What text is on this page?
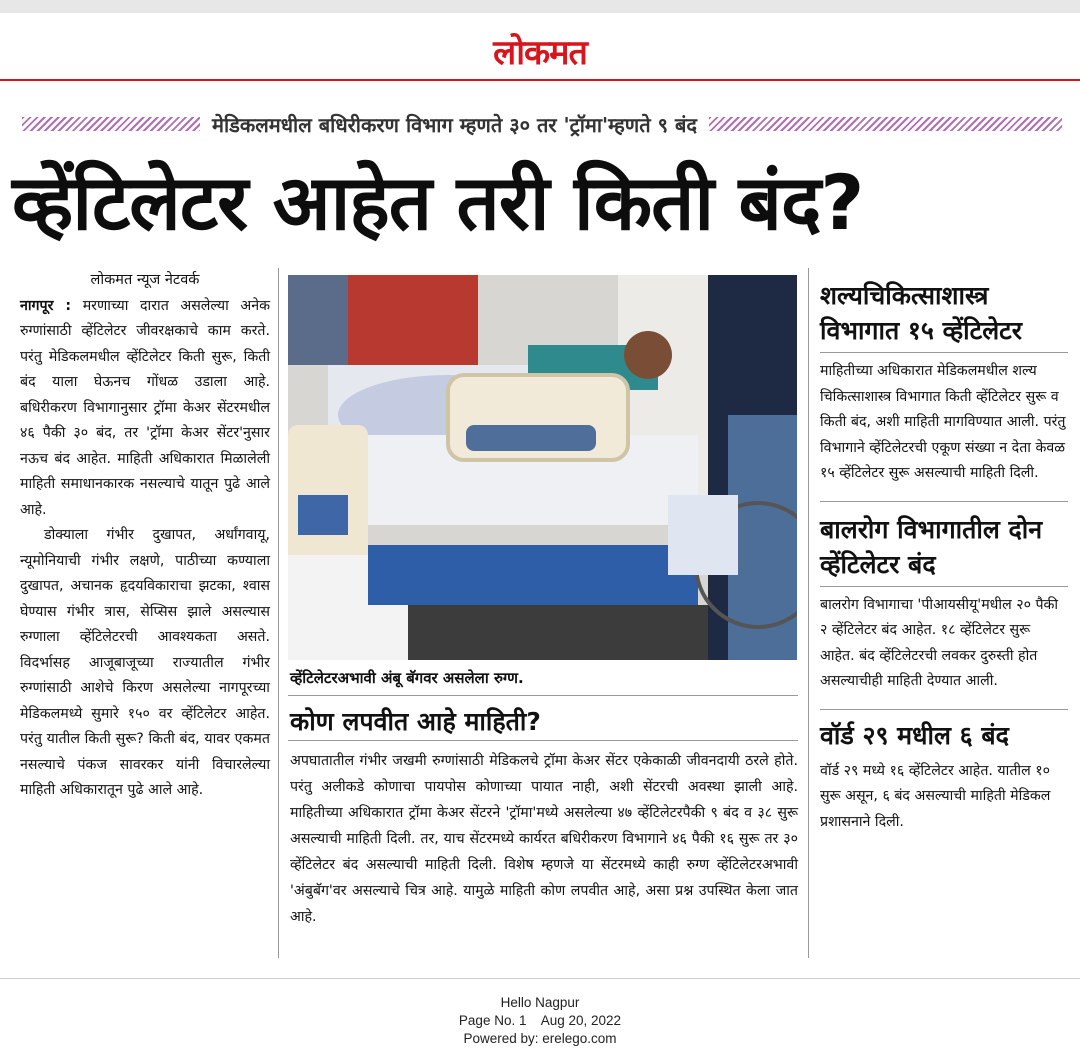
लोकमत
मेडिकलमधील बधिरीकरण विभाग म्हणते ३० तर 'ट्रॉमा'म्हणते ९ बंद
व्हेंटिलेटर आहेत तरी किती बंद?
लोकमत न्यूज नेटवर्क

नागपूर : मरणाच्या दारात असलेल्या अनेक रुग्णांसाठी व्हेंटिलेटर जीवरक्षकाचे काम करते. परंतु मेडिकलमधील व्हेंटिलेटर किती सुरू, किती बंद याला घेऊनच गोंधळ उडाला आहे. बधिरीकरण विभागानुसार ट्रॉमा केअर सेंटरमधील ४६ पैकी ३० बंद, तर 'ट्रॉमा केअर सेंटर'नुसार नऊच बंद आहेत. माहिती अधिकारात मिळालेली माहिती समाधानकारक नसल्याचे यातून पुढे आले आहे.

डोक्याला गंभीर दुखापत, अर्धांगवायू, न्यूमोनियाची गंभीर लक्षणे, पाठीच्या कण्याला दुखापत, अचानक हृदयविकाराचा झटका, श्वास घेण्यास गंभीर त्रास, सेप्सिस झाले असल्यास रुग्णाला व्हेंटिलेटरची आवश्यकता असते. विदर्भासह आजूबाजूच्या राज्यातील गंभीर रुग्णांसाठी आशेचे किरण असलेल्या नागपूरच्या मेडिकलमध्ये सुमारे १५० वर व्हेंटिलेटर आहेत. परंतु यातील किती सुरू? किती बंद, यावर एकमत नसल्याचे पंकज सावरकर यांनी विचारलेल्या माहिती अधिकारातून पुढे आले आहे.

व्हेंटिलेटरअभावी अंबू बॅगवर असलेला रुग्ण.
कोण लपवीत आहे माहिती?
अपघातातील गंभीर जखमी रुग्णांसाठी मेडिकलचे ट्रॉमा केअर सेंटर एकेकाळी जीवनदायी ठरले होते. परंतु अलीकडे कोणाचा पायपोस कोणाच्या पायात नाही, अशी सेंटरची अवस्था झाली आहे. माहितीच्या अधिकारात ट्रॉमा केअर सेंटरने 'ट्रॉमा'मध्ये असलेल्या ४७ व्हेंटिलेटरपैकी ९ बंद व ३८ सुरू असल्याची माहिती दिली. तर, याच सेंटरमध्ये कार्यरत बधिरीकरण विभागाने ४६ पैकी १६ सुरू तर ३० व्हेंटिलेटर बंद असल्याची माहिती दिली. विशेष म्हणजे या सेंटरमध्ये काही रुग्ण व्हेंटिलेटरअभावी 'अंबुबॅग'वर असल्याचे चित्र आहे. यामुळे माहिती कोण लपवीत आहे, असा प्रश्न उपस्थित केला जात आहे.
शल्यचिकित्साशास्त्र विभागात १५ व्हेंटिलेटर
माहितीच्या अधिकारात मेडिकलमधील शल्य चिकित्साशास्त्र विभागात किती व्हेंटिलेटर सुरू व किती बंद, अशी माहिती मागविण्यात आली. परंतु विभागाने व्हेंटिलेटरची एकूण संख्या न देता केवळ १५ व्हेंटिलेटर सुरू असल्याची माहिती दिली.
बालरोग विभागातील दोन व्हेंटिलेटर बंद
बालरोग विभागाचा 'पीआयसीयू'मधील २० पैकी २ व्हेंटिलेटर बंद आहेत. १८ व्हेंटिलेटर सुरू आहेत. बंद व्हेंटिलेटरची लवकर दुरुस्ती होत असल्याचीही माहिती देण्यात आली.
वॉर्ड २९ मधील ६ बंद
वॉर्ड २९ मध्ये १६ व्हेंटिलेटर आहेत. यातील १० सुरू असून, ६ बंद असल्याची माहिती मेडिकल प्रशासनाने दिली.
Hello Nagpur
Page No. 1 Aug 20, 2022
Powered by: erelego.com
